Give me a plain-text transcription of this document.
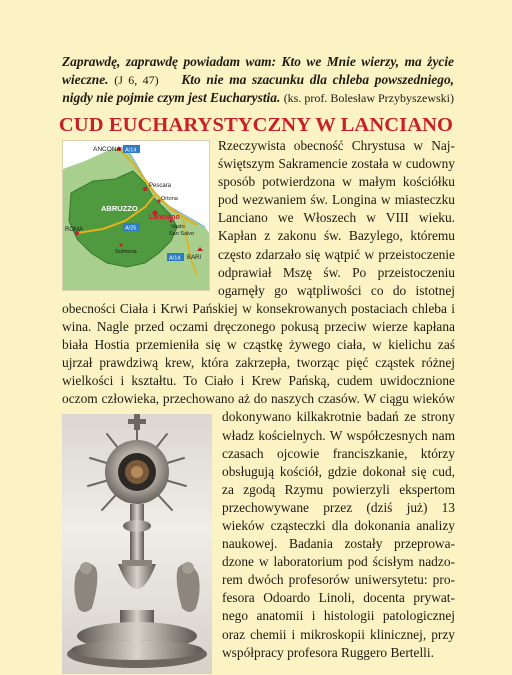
Zaprawdę, zaprawdę powiadam wam: Kto we Mnie wierzy, ma życie wieczne. (J 6, 47) Kto nie ma szacunku dla chleba powszedniego, nigdy nie pojmie czym jest Eucharystia. (ks. prof. Bolesław Przybyszewski)
CUD EUCHARYSTYCZNY W LANCIANO
ANCONA A/14
Pescara
Ortona
ABRUZZO
Lanciano
Vasto
San Salvo
A/25
ROMA
Sulmona
A/14 BARI

Rzeczywista obecność Chrystusa w Najświętszym Sakramencie została w cudowny sposób potwierdzona w małym kościółku pod wezwaniem św. Longina w miasteczku Lanciano we Włoszech w VIII wieku. Kapłan z zakonu św. Bazylego, któremu często zdarzało się wątpić w przeistoczenie odprawiał Mszę św. Po przeistoczeniu ogarnęły go wątpliwości co do istotnej obecności Ciała i Krwi Pańskiej w konsekrowanych postaciach chleba i wina. Nagle przed oczami dręczonego pokusą przeciw wierze kapłana biała Hostia przemieniła się w cząstkę żywego ciała, w kielichu zaś ujrzał prawdziwą krew, która zakrzepła, tworząc pięć cząstek różnej wielkości i kształtu. To Ciało i Krew Pańską, cudem uwidocznione oczom człowieka, przechowano aż do naszych czasów.
W ciągu wieków dokonywano kilkakrotnie badań ze strony władz kościelnych. W współczesnych nam czasach ojcowie franciszkanie, którzy obsługują kościół, gdzie dokonał się cud, za zgodą Rzymu powierzyli ekspertom przechowywane przez (dziś już) 13 wieków cząsteczki dla dokonania analizy naukowej. Badania zostały przeprowadzone w laboratorium pod ścisłym nadzorem dwóch profesorów uniwersytetu: profesora Odoardo Linoli, docenta prywatnego anatomii i histologii patologicznej oraz chemii i mikroskopii klinicznej, przy współpracy profesora Ruggero Bertelli.
